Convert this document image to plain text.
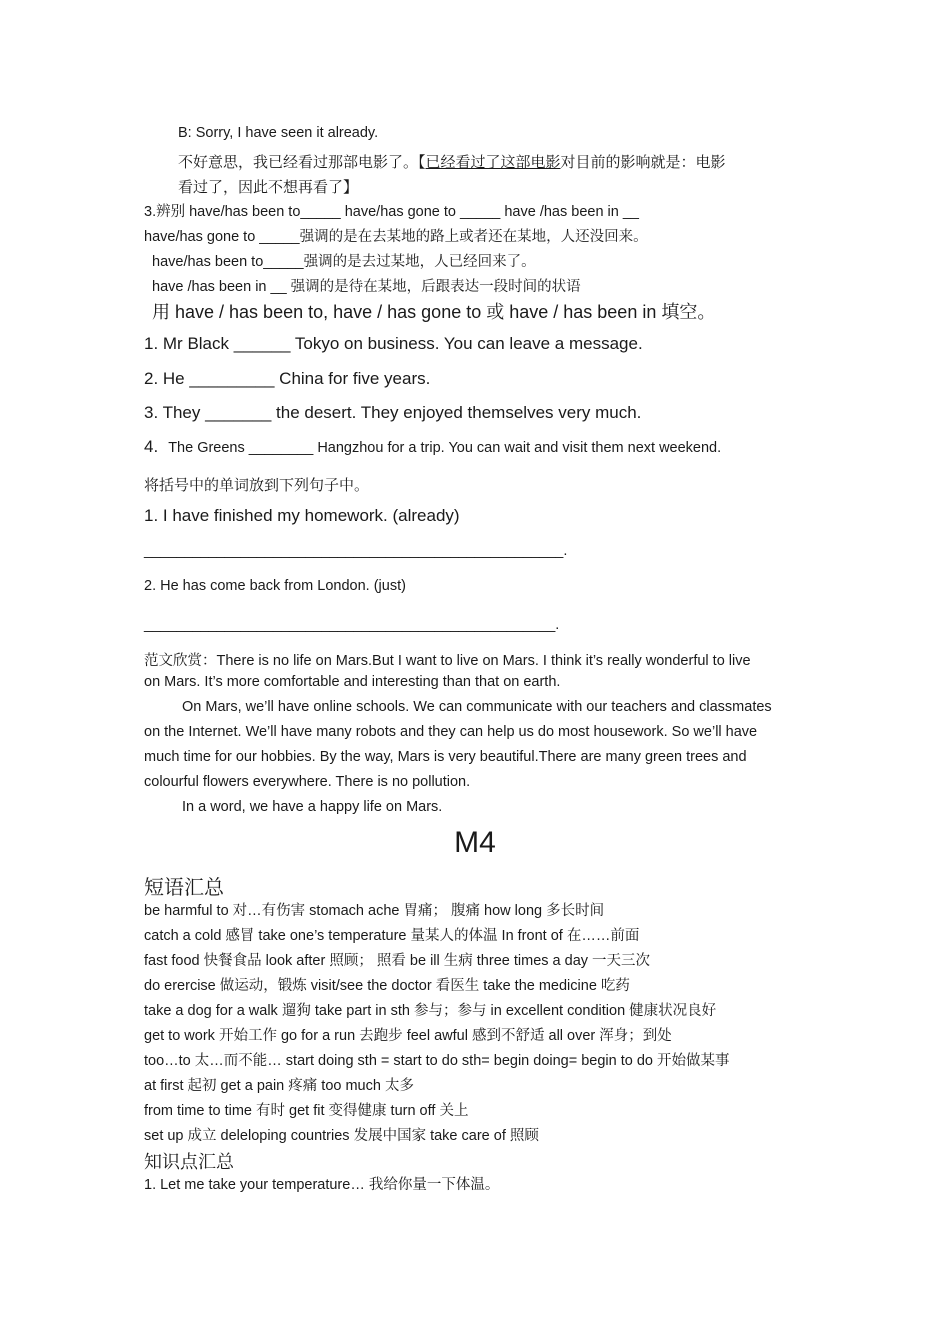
B: Sorry, I have seen it already.
不好意思，我已经看过那部电影了。【已经看过了这部电影对目前的影响就是：电影
看过了，因此不想再看了】
3.辨别 have/has been to_____ have/has gone to _____ have /has been in __
have/has gone to _____强调的是在去某地的路上或者还在某地，人还没回来。
have/has been to_____强调的是去过某地，人已经回来了。
have /has been in __ 强调的是待在某地，后跟表达一段时间的状语
用 have / has been to, have / has gone to 或 have / has been in 填空。
1. Mr Black ______ Tokyo on business. You can leave a message.
2. He _________ China for five years.
3. They _______ the desert. They enjoyed themselves very much.
4. The Greens ________ Hangzhou for a trip. You can wait and visit them next weekend.
将括号中的单词放到下列句子中。
1. I have finished my homework. (already)
____________________________________________________.
2. He has come back from London. (just)
___________________________________________________.
范文欣赏：There is no life on Mars.But I want to live on Mars. I think it’s really wonderful to live
on Mars. It’s more comfortable and interesting than that on earth.
On Mars, we’ll have online schools. We can communicate with our teachers and classmates
on the Internet. We’ll have many robots and they can help us do most housework. So we’ll have
much time for our hobbies. By the way, Mars is very beautiful.There are many green trees and
colourful flowers everywhere. There is no pollution.
In a word, we have a happy life on Mars.
M4
短语汇总
be harmful to 对…有伤害 stomach ache 胃痛； 腹痛 how long 多长时间
catch a cold 感冒 take one’s temperature 量某人的体温 In front of 在……前面
fast food 快餐食品 look after 照顾； 照看 be ill 生病 three times a day 一天三次
do erercise 做运动，锻炼 visit/see the doctor 看医生 take the medicine 吃药
take a dog for a walk 遛狗 take part in sth 参与；参与 in excellent condition 健康状况良好
get to work 开始工作 go for a run 去跑步 feel awful 感到不舒适 all over 浑身；到处
too…to 太…而不能… start doing sth = start to do sth= begin doing= begin to do 开始做某事
at first 起初 get a pain 疼痛 too much 太多
from time to time 有时 get fit 变得健康 turn off 关上
set up 成立 deleloping countries 发展中国家 take care of 照顾
知识点汇总
1. Let me take your temperature… 我给你量一下体温。
